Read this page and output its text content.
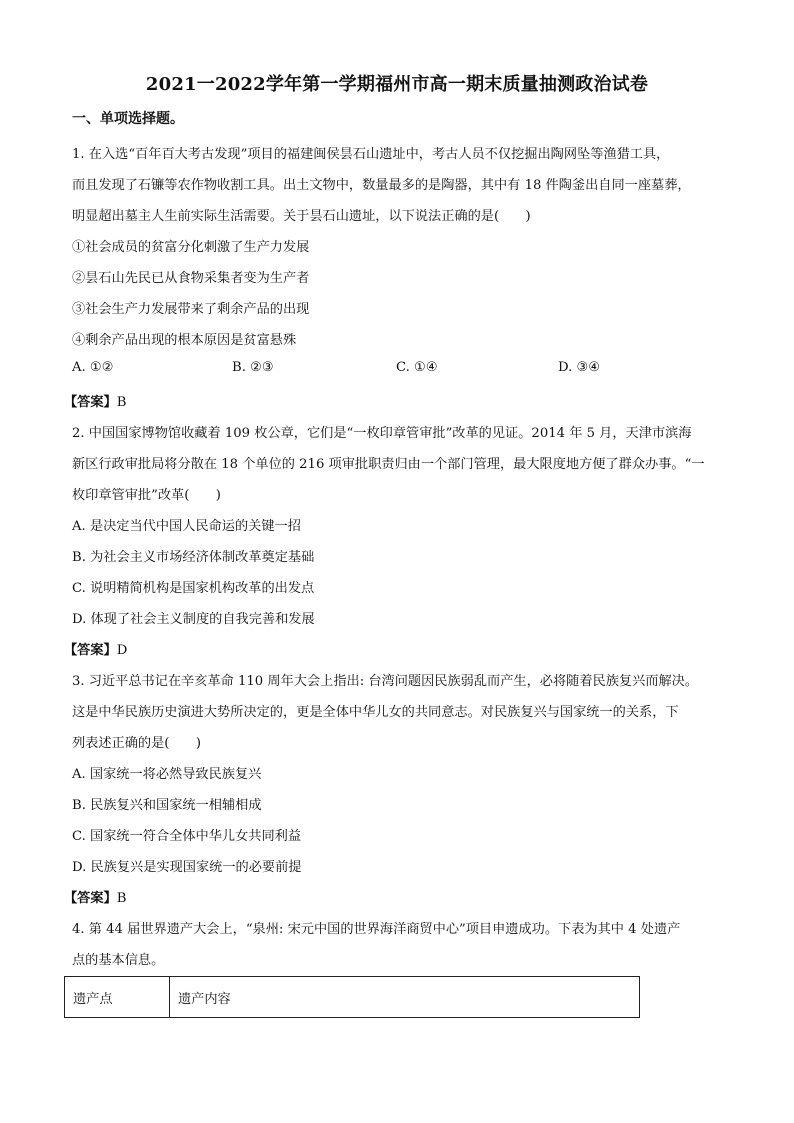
2021一2022学年第一学期福州市高一期末质量抽测政治试卷
一、单项选择题。
1. 在入选“百年百大考古发现”项目的福建闽侯昙石山遗址中，考古人员不仅挖掘出陶网坠等渔猎工具，
而且发现了石镰等农作物收割工具。出土文物中，数量最多的是陶器，其中有 18 件陶釜出自同一座墓葬，
明显超出墓主人生前实际生活需要。关于昙石山遗址，以下说法正确的是(　　)
①社会成员的贫富分化刺激了生产力发展
②昙石山先民已从食物采集者变为生产者
③社会生产力发展带来了剩余产品的出现
④剩余产品出现的根本原因是贫富悬殊
A. ①②	B. ②③	C. ①④	D. ③④
【答案】B
2. 中国国家博物馆收藏着 109 枚公章，它们是“一枚印章管审批”改革的见证。2014 年 5 月，天津市滨海
新区行政审批局将分散在 18 个单位的 216 项审批职责归由一个部门管理，最大限度地方便了群众办事。“一
枚印章管审批”改革(　　)
A. 是决定当代中国人民命运的关键一招
B. 为社会主义市场经济体制改革奠定基础
C. 说明精简机构是国家机构改革的出发点
D. 体现了社会主义制度的自我完善和发展
【答案】D
3. 习近平总书记在辛亥革命 110 周年大会上指出: 台湾问题因民族弱乱而产生，必将随着民族复兴而解决。
这是中华民族历史演进大势所决定的，更是全体中华儿女的共同意志。对民族复兴与国家统一的关系，下
列表述正确的是(　　)
A. 国家统一将必然导致民族复兴
B. 民族复兴和国家统一相辅相成
C. 国家统一符合全体中华儿女共同利益
D. 民族复兴是实现国家统一的必要前提
【答案】B
4. 第 44 届世界遗产大会上，“泉州: 宋元中国的世界海洋商贸中心”项目申遗成功。下表为其中 4 处遗产
点的基本信息。
遗产点	遗产内容
